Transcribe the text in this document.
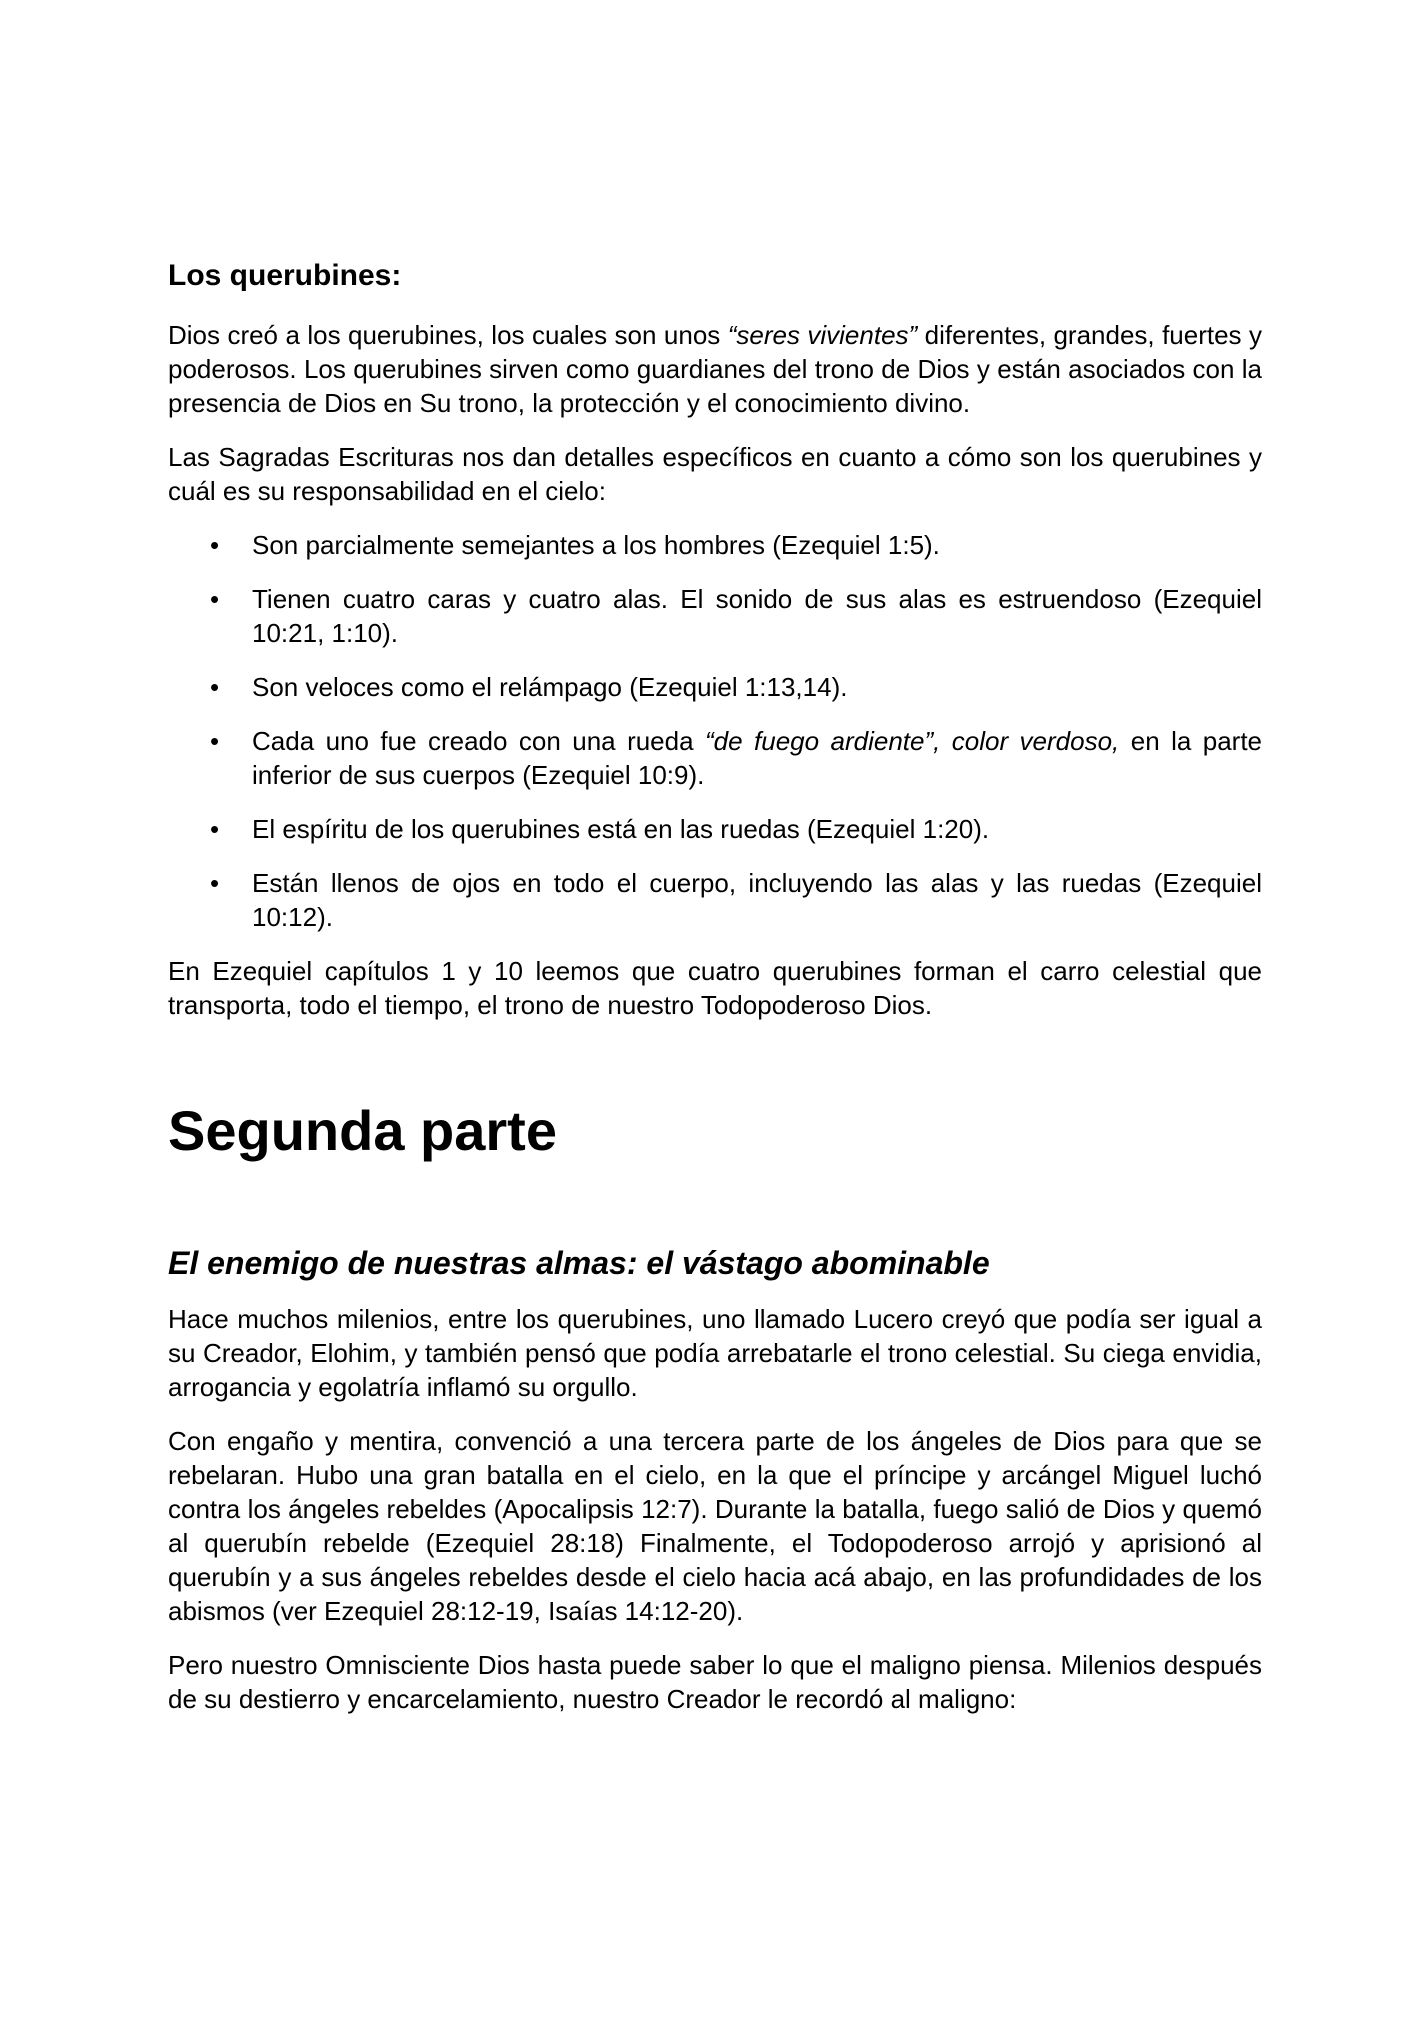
Los querubines:

Dios creó a los querubines, los cuales son unos “seres vivientes” diferentes, grandes, fuertes y poderosos. Los querubines sirven como guardianes del trono de Dios y están asociados con la presencia de Dios en Su trono, la protección y el conocimiento divino.

Las Sagradas Escrituras nos dan detalles específicos en cuanto a cómo son los querubines y cuál es su responsabilidad en el cielo:

• Son parcialmente semejantes a los hombres (Ezequiel 1:5).
• Tienen cuatro caras y cuatro alas. El sonido de sus alas es estruendoso (Ezequiel 10:21, 1:10).
• Son veloces como el relámpago (Ezequiel 1:13,14).
• Cada uno fue creado con una rueda “de fuego ardiente”, color verdoso, en la parte inferior de sus cuerpos (Ezequiel 10:9).
• El espíritu de los querubines está en las ruedas (Ezequiel 1:20).
• Están llenos de ojos en todo el cuerpo, incluyendo las alas y las ruedas (Ezequiel 10:12).

En Ezequiel capítulos 1 y 10 leemos que cuatro querubines forman el carro celestial que transporta, todo el tiempo, el trono de nuestro Todopoderoso Dios.

Segunda parte
El enemigo de nuestras almas: el vástago abominable

Hace muchos milenios, entre los querubines, uno llamado Lucero creyó que podía ser igual a su Creador, Elohim, y también pensó que podía arrebatarle el trono celestial. Su ciega envidia, arrogancia y egolatría inflamó su orgullo.

Con engaño y mentira, convenció a una tercera parte de los ángeles de Dios para que se rebelaran. Hubo una gran batalla en el cielo, en la que el príncipe y arcángel Miguel luchó contra los ángeles rebeldes (Apocalipsis 12:7). Durante la batalla, fuego salió de Dios y quemó al querubín rebelde (Ezequiel 28:18) Finalmente, el Todopoderoso arrojó y aprisionó al querubín y a sus ángeles rebeldes desde el cielo hacia acá abajo, en las profundidades de los abismos (ver Ezequiel 28:12-19, Isaías 14:12-20).

Pero nuestro Omnisciente Dios hasta puede saber lo que el maligno piensa. Milenios después de su destierro y encarcelamiento, nuestro Creador le recordó al maligno:
